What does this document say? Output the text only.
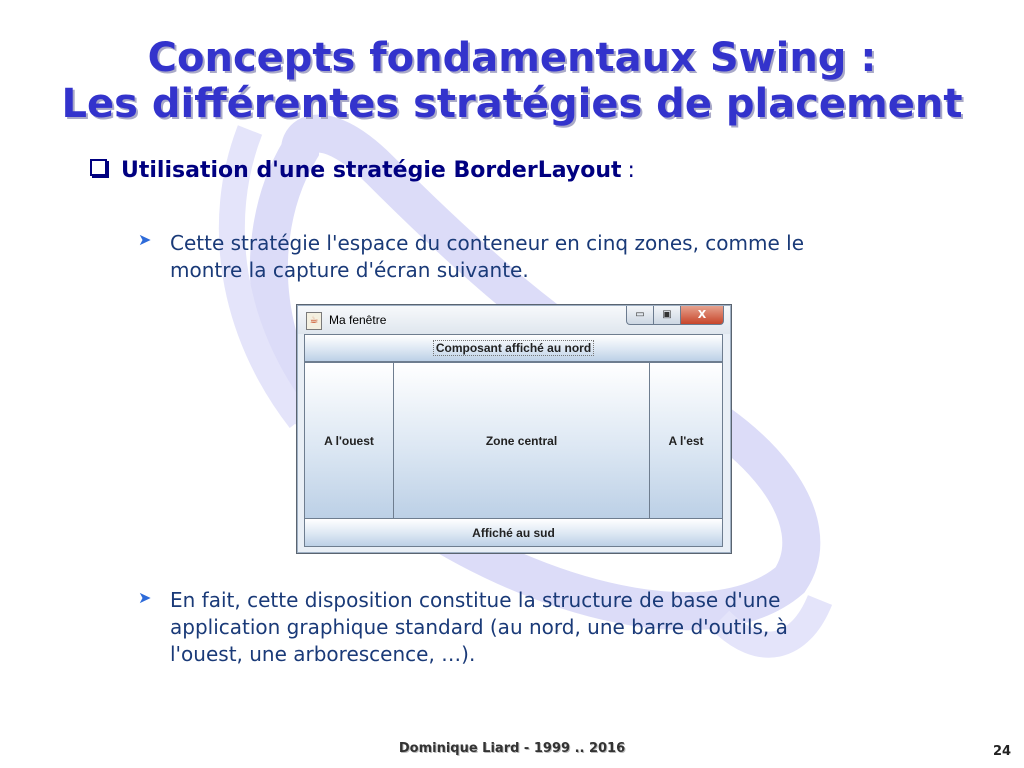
Concepts fondamentaux Swing :
Les différentes stratégies de placement
Utilisation d'une stratégie BorderLayout :
➤ Cette stratégie l'espace du conteneur en cinq zones, comme le
montre la capture d'écran suivante.
☕ Ma fenêtre	▭	▣	X
Composant affiché au nord
A l'ouest	Zone central	A l'est
Affiché au sud
➤ En fait, cette disposition constitue la structure de base d'une
application graphique standard (au nord, une barre d'outils, à
l'ouest, une arborescence, …).
Dominique Liard - 1999 .. 2016	24
